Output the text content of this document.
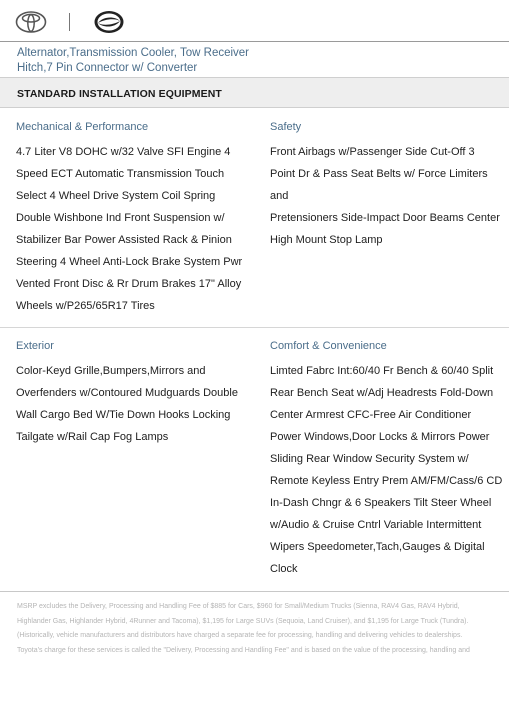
Alternator,Transmission Cooler, Tow Receiver
Hitch,7 Pin Connector w/ Converter
STANDARD INSTALLATION EQUIPMENT
Mechanical & Performance
4.7 Liter V8 DOHC w/32 Valve SFI Engine 4
Speed ECT Automatic Transmission Touch
Select 4 Wheel Drive System Coil Spring
Double Wishbone Ind Front Suspension w/
Stabilizer Bar Power Assisted Rack & Pinion
Steering 4 Wheel Anti-Lock Brake System Pwr
Vented Front Disc & Rr Drum Brakes 17" Alloy
Wheels w/P265/65R17 Tires
Safety
Front Airbags w/Passenger Side Cut-Off 3
Point Dr & Pass Seat Belts w/ Force Limiters and
Pretensioners Side-Impact Door Beams Center
High Mount Stop Lamp
Exterior
Color-Keyd Grille,Bumpers,Mirrors and
Overfenders w/Contoured Mudguards Double
Wall Cargo Bed W/Tie Down Hooks Locking
Tailgate w/Rail Cap Fog Lamps
Comfort & Convenience
Limted Fabrc Int:60/40 Fr Bench & 60/40 Split
Rear Bench Seat w/Adj Headrests Fold-Down
Center Armrest CFC-Free Air Conditioner
Power Windows,Door Locks & Mirrors Power
Sliding Rear Window Security System w/
Remote Keyless Entry Prem AM/FM/Cass/6 CD
In-Dash Chngr & 6 Speakers Tilt Steer Wheel
w/Audio & Cruise Cntrl Variable Intermittent
Wipers Speedometer,Tach,Gauges & Digital
Clock
MSRP excludes the Delivery, Processing and Handling Fee of $885 for Cars, $960 for Small/Medium Trucks (Sienna, RAV4 Gas, RAV4 Hybrid,
Highlander Gas, Highlander Hybrid, 4Runner and Tacoma), $1,195 for Large SUVs (Sequoia, Land Cruiser), and $1,195 for Large Truck (Tundra).
(Historically, vehicle manufacturers and distributors have charged a separate fee for processing, handling and delivering vehicles to dealerships.
Toyota's charge for these services is called the "Delivery, Processing and Handling Fee" and is based on the value of the processing, handling and
